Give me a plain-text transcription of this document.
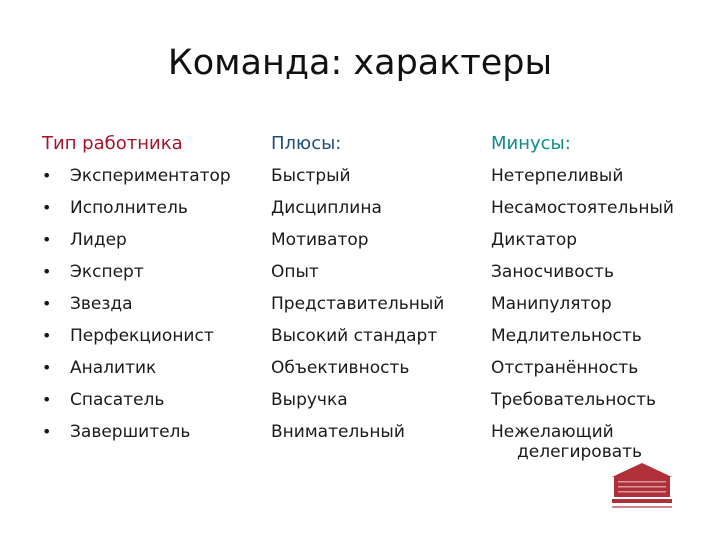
Команда: характеры
Тип работника
• Экспериментатор
• Исполнитель
• Лидер
• Эксперт
• Звезда
• Перфекционист
• Аналитик
• Спасатель
• Завершитель
Плюсы:
Быстрый
Дисциплина
Мотиватор
Опыт
Представительный
Высокий стандарт
Объективность
Выручка
Внимательный
Минусы:
Нетерпеливый
Несамостоятельный
Диктатор
Заносчивость
Манипулятор
Медлительность
Отстранённость
Требовательность
Нежелающий
делегировать
